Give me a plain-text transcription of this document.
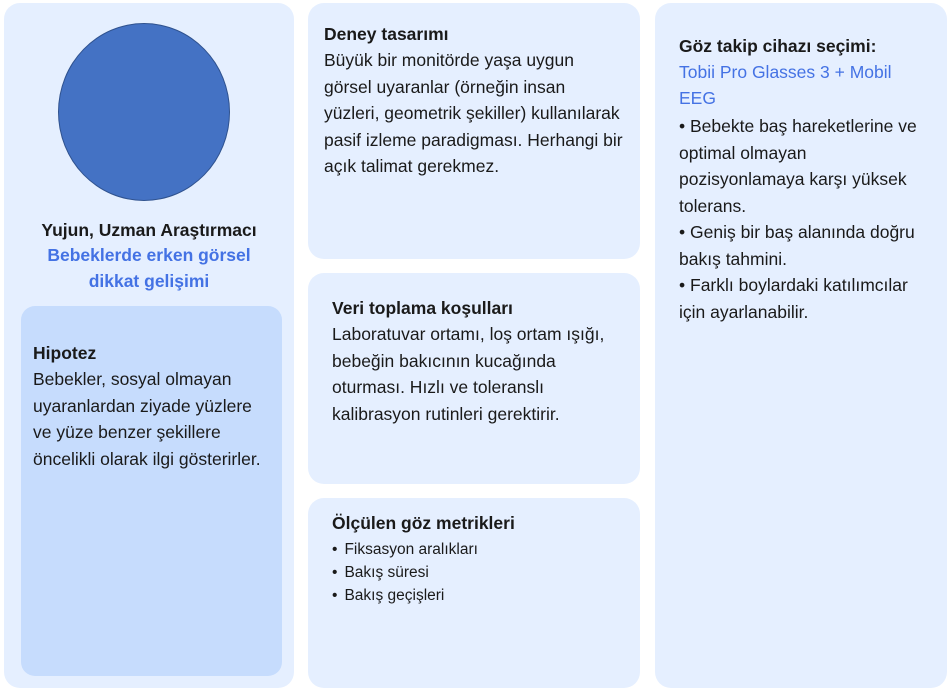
Yujun, Uzman Araştırmacı
Bebeklerde erken görsel dikkat gelişimi
Hipotez
Bebekler, sosyal olmayan uyaranlardan ziyade yüzlere ve yüze benzer şekillere öncelikli olarak ilgi gösterirler.
Deney tasarımı
Büyük bir monitörde yaşa uygun görsel uyaranlar (örneğin insan yüzleri, geometrik şekiller) kullanılarak pasif izleme paradigması. Herhangi bir açık talimat gerekmez.
Veri toplama koşulları
Laboratuvar ortamı, loş ortam ışığı, bebeğin bakıcının kucağında oturması. Hızlı ve toleranslı kalibrasyon rutinleri gerektirir.
Ölçülen göz metrikleri
• Fiksasyon aralıkları
• Bakış süresi
• Bakış geçişleri
Göz takip cihazı seçimi:
Tobii Pro Glasses 3 + Mobil EEG
• Bebekte baş hareketlerine ve optimal olmayan pozisyonlamaya karşı yüksek tolerans.
• Geniş bir baş alanında doğru bakış tahmini.
• Farklı boylardaki katılımcılar için ayarlanabilir.
